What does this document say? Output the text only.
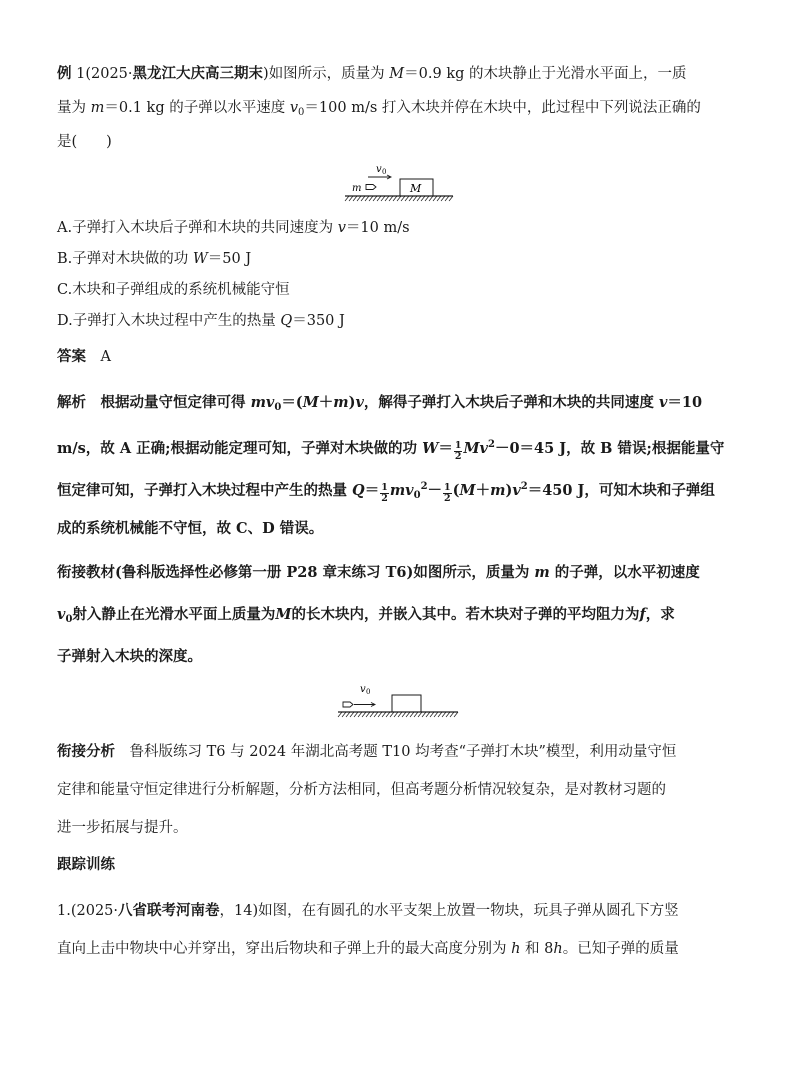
例 1(2025·黑龙江大庆高三期末)如图所示，质量为 M＝0.9 kg 的木块静止于光滑水平面上，一质
量为 m＝0.1 kg 的子弹以水平速度 $v_0=100$ m/s 打入木块并停在木块中，此过程中下列说法正确的
是(　　)
v 0
m	M
A.子弹打入木块后子弹和木块的共同速度为 v＝10 m/s
B.子弹对木块做的功 W＝50 J
C.木块和子弹组成的系统机械能守恒
D.子弹打入木块过程中产生的热量 Q＝350 J
答案　 A
解析　 根据动量守恒定律可得 $mv_0=(M+m)v$，解得子弹打入木块后子弹和木块的共同速度 v＝10
m/s，故 A 正确;根据动能定理可知，子弹对木块做的功 $W= \frac{1}{2} Mv^2-0=45$ J，故 B 错误;根据能量守
恒定律可知，子弹打入木块过程中产生的热量 $Q= \frac{1}{2} mv_0^2- \frac{1}{2} (M+m)v^2=450$ J，可知木块和子弹组
成的系统机械能不守恒，故 C、D 错误。
衔接教材(鲁科版选择性必修第一册 P28 章末练习 T6)如图所示，质量为 m 的子弹，以水平初速度
$v_0$射入静止在光滑水平面上质量为M的长木块内，并嵌入其中。若木块对子弹的平均阻力为f，求
子弹射入木块的深度。
v 0
衔接分析　 鲁科版练习 T6 与 2024 年湖北高考题 T10 均考查“子弹打木块”模型，利用动量守恒
定律和能量守恒定律进行分析解题，分析方法相同，但高考题分析情况较复杂，是对教材习题的
进一步拓展与提升。
跟踪训练
1.(2025·八省联考河南卷，14)如图，在有圆孔的水平支架上放置一物块，玩具子弹从圆孔下方竖
直向上击中物块中心并穿出，穿出后物块和子弹上升的最大高度分别为 h 和 8h。已知子弹的质量
